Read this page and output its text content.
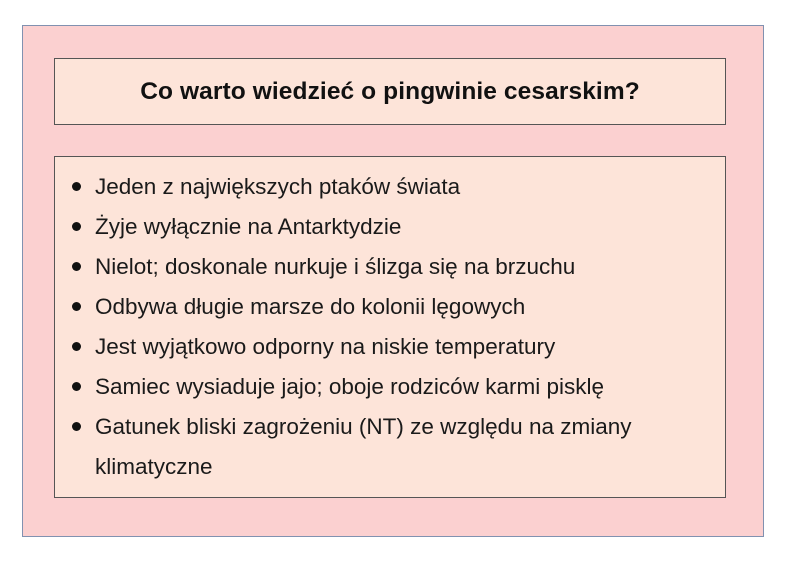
Co warto wiedzieć o pingwinie cesarskim?
Jeden z największych ptaków świata
Żyje wyłącznie na Antarktydzie
Nielot; doskonale nurkuje i ślizga się na brzuchu
Odbywa długie marsze do kolonii lęgowych
Jest wyjątkowo odporny na niskie temperatury
Samiec wysiaduje jajo; oboje rodziców karmi pisklę
Gatunek bliski zagrożeniu (NT) ze względu na zmiany klimatyczne
